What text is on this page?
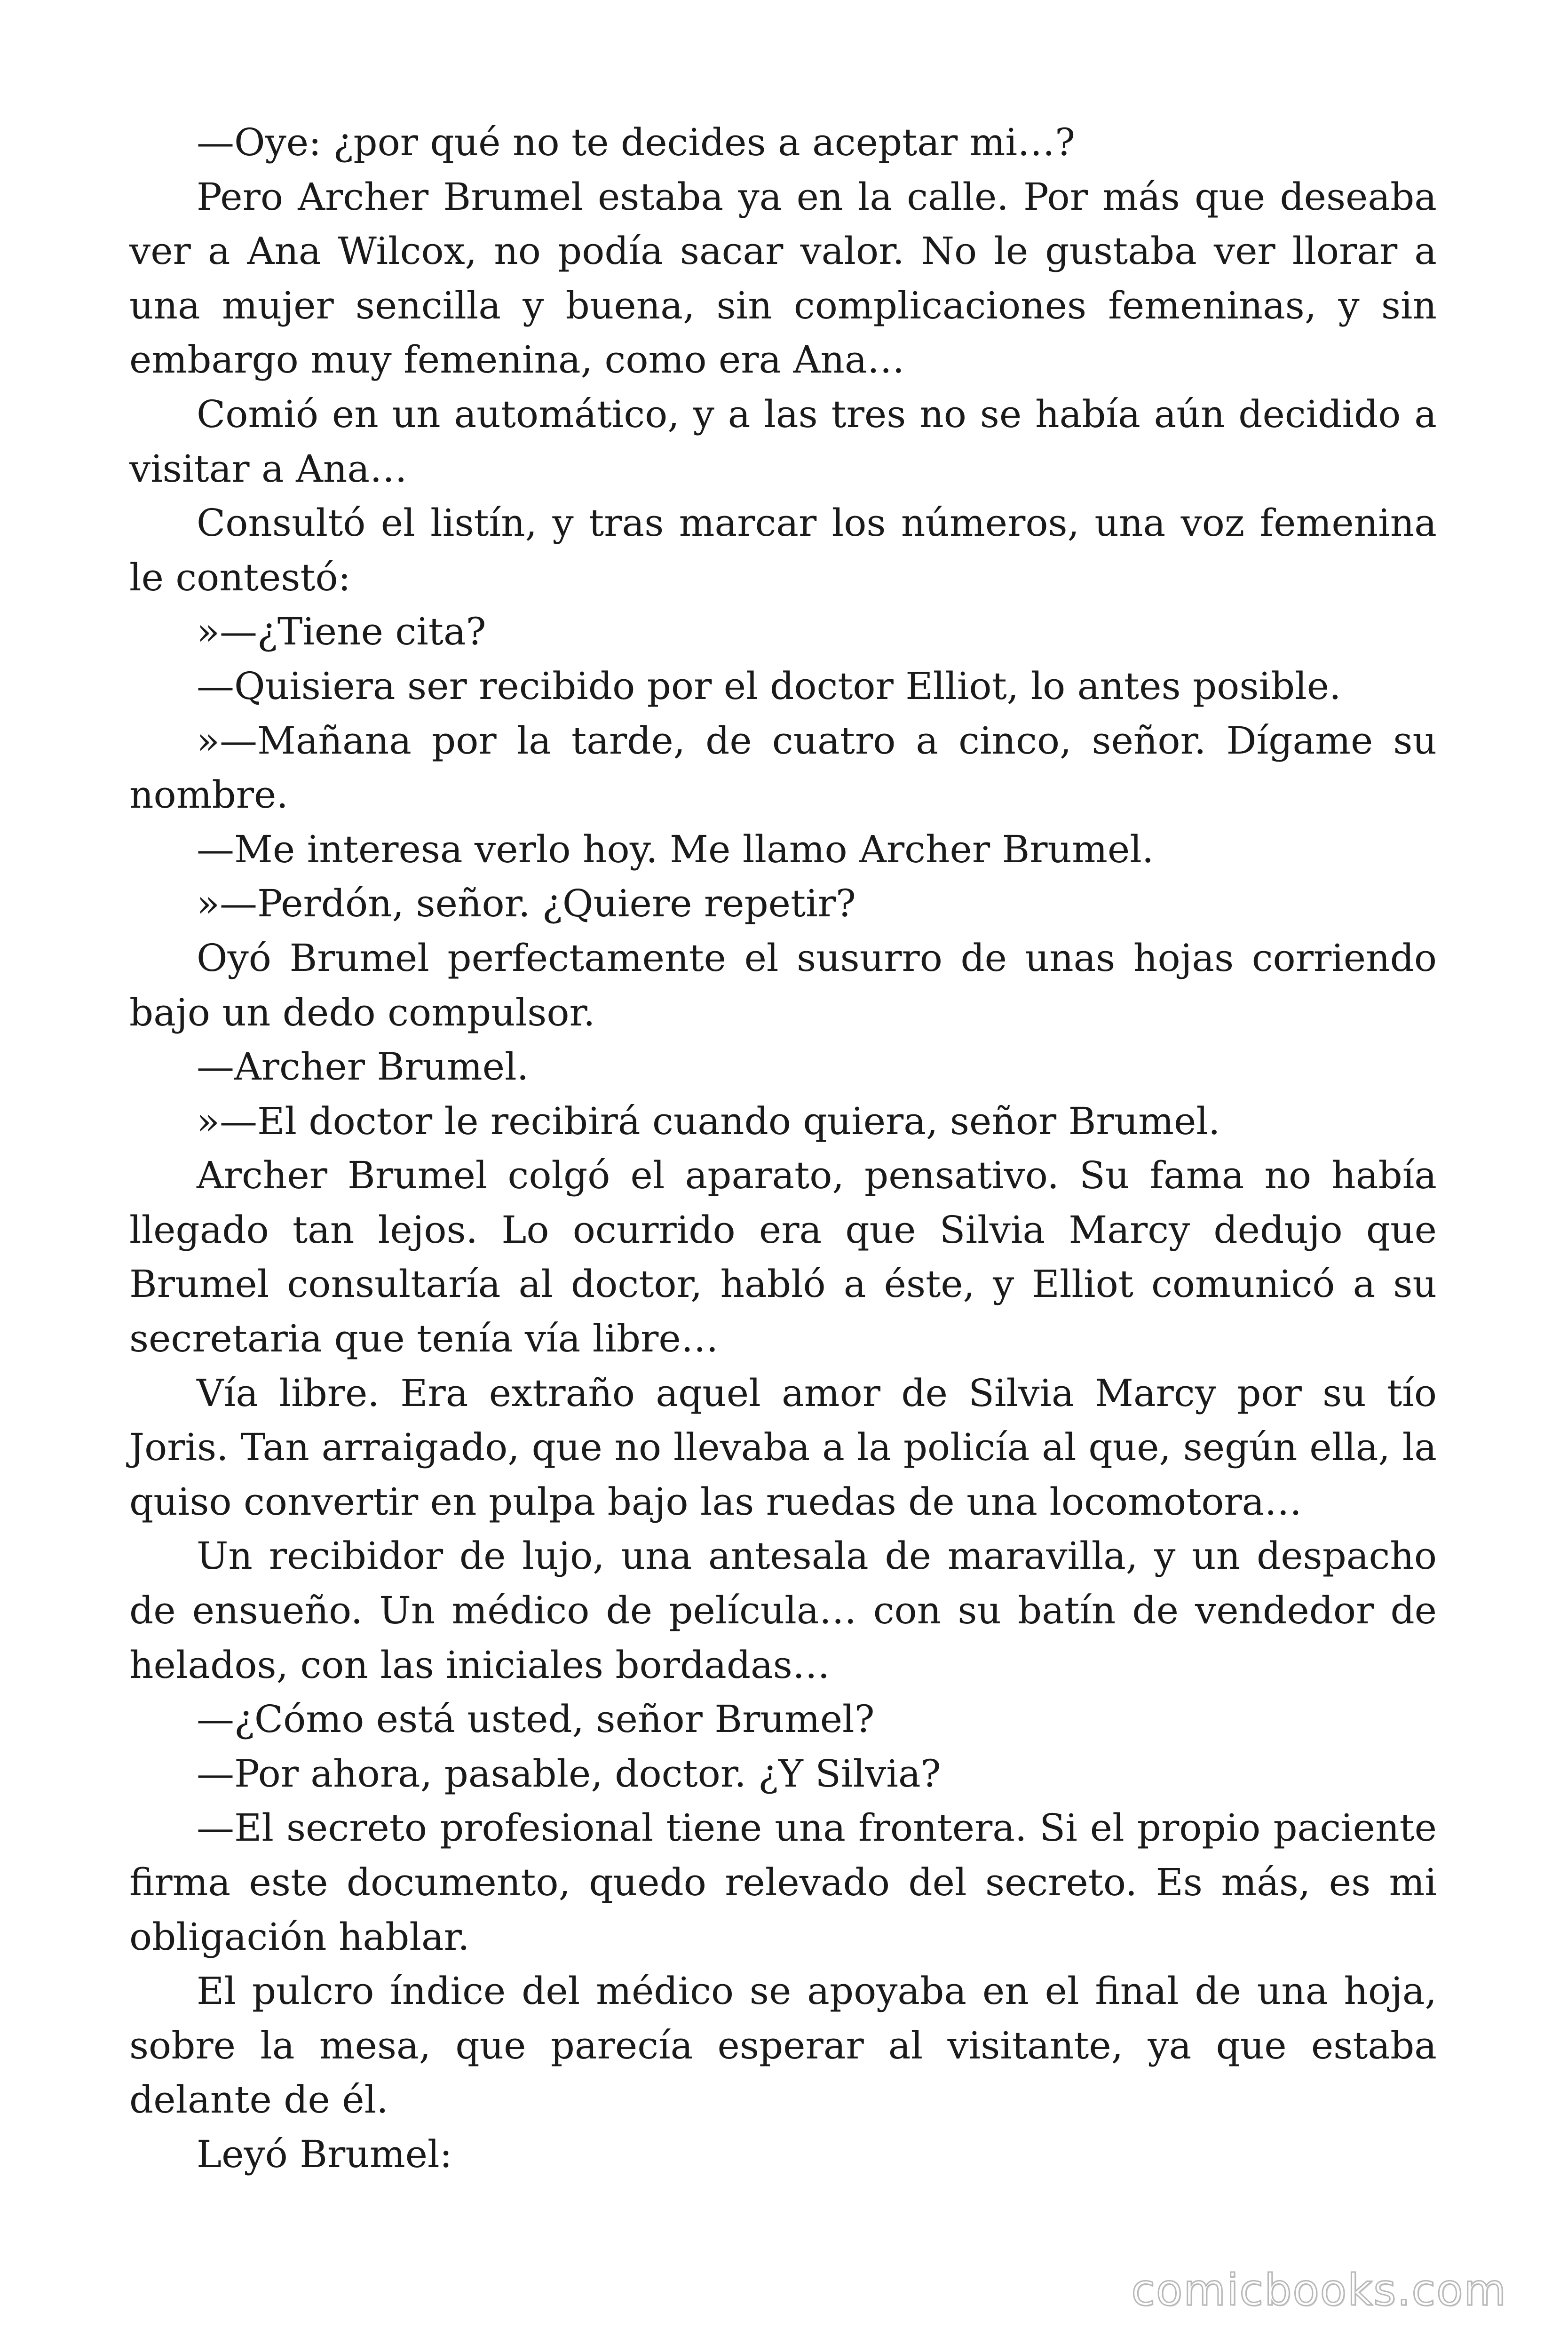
—Oye: ¿por qué no te decides a aceptar mi…?

Pero Archer Brumel estaba ya en la calle. Por más que deseaba ver a Ana Wilcox, no podía sacar valor. No le gustaba ver llorar a una mujer sencilla y buena, sin complicaciones femeninas, y sin embargo muy femenina, como era Ana…

Comió en un automático, y a las tres no se había aún decidido a visitar a Ana…

Consultó el listín, y tras marcar los números, una voz femenina le contestó:

»—¿Tiene cita?

—Quisiera ser recibido por el doctor Elliot, lo antes posible.

»—Mañana por la tarde, de cuatro a cinco, señor. Dígame su nombre.

—Me interesa verlo hoy. Me llamo Archer Brumel.

»—Perdón, señor. ¿Quiere repetir?

Oyó Brumel perfectamente el susurro de unas hojas corriendo bajo un dedo compulsor.

—Archer Brumel.

»—El doctor le recibirá cuando quiera, señor Brumel.

Archer Brumel colgó el aparato, pensativo. Su fama no había llegado tan lejos. Lo ocurrido era que Silvia Marcy dedujo que Brumel consultaría al doctor, habló a éste, y Elliot comunicó a su secretaria que tenía vía libre…

Vía libre. Era extraño aquel amor de Silvia Marcy por su tío Joris. Tan arraigado, que no llevaba a la policía al que, según ella, la quiso convertir en pulpa bajo las ruedas de una locomotora…

Un recibidor de lujo, una antesala de maravilla, y un despacho de ensueño. Un médico de película… con su batín de vendedor de helados, con las iniciales bordadas…

—¿Cómo está usted, señor Brumel?

—Por ahora, pasable, doctor. ¿Y Silvia?

—El secreto profesional tiene una frontera. Si el propio paciente firma este documento, quedo relevado del secreto. Es más, es mi obligación hablar.

El pulcro índice del médico se apoyaba en el final de una hoja, sobre la mesa, que parecía esperar al visitante, ya que estaba delante de él.

Leyó Brumel:

comicbooks.com
